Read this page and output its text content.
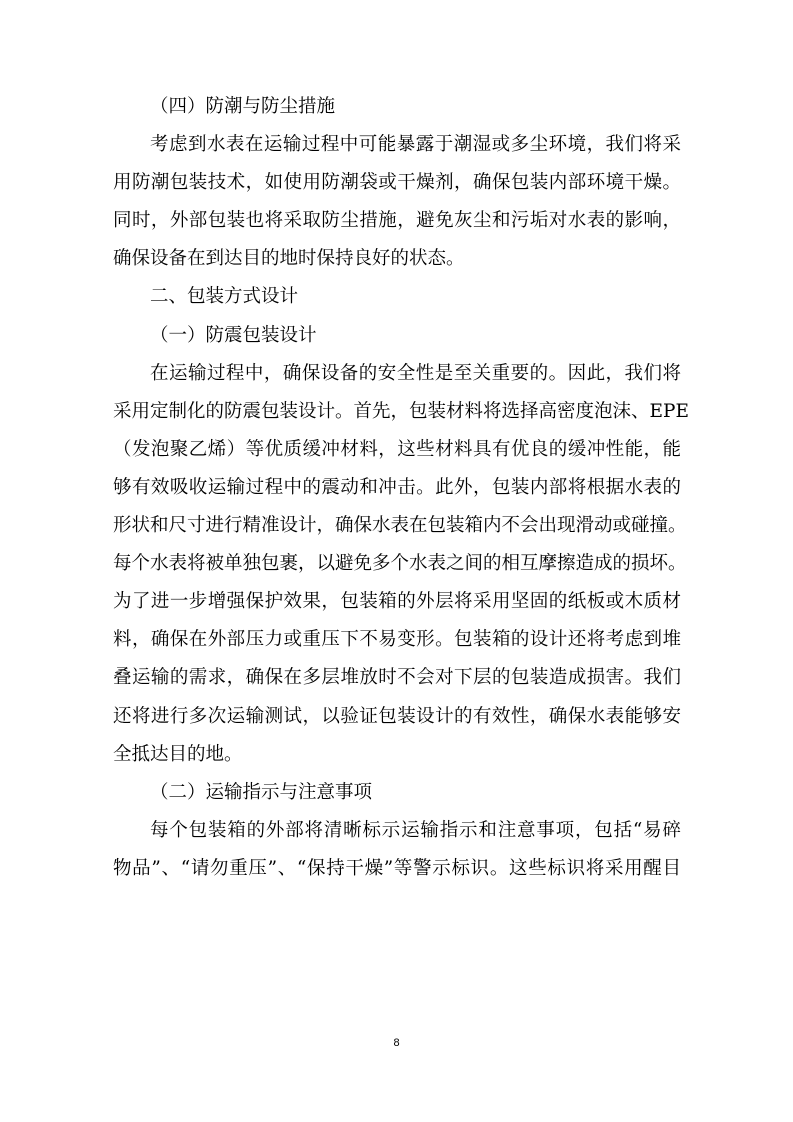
（四）防潮与防尘措施
考虑到水表在运输过程中可能暴露于潮湿或多尘环境，我们将采
用防潮包装技术，如使用防潮袋或干燥剂，确保包装内部环境干燥。
同时，外部包装也将采取防尘措施，避免灰尘和污垢对水表的影响，
确保设备在到达目的地时保持良好的状态。
二、包装方式设计
（一）防震包装设计
在运输过程中，确保设备的安全性是至关重要的。因此，我们将
采用定制化的防震包装设计。首先，包装材料将选择高密度泡沫、EPE
（发泡聚乙烯）等优质缓冲材料，这些材料具有优良的缓冲性能，能
够有效吸收运输过程中的震动和冲击。此外，包装内部将根据水表的
形状和尺寸进行精准设计，确保水表在包装箱内不会出现滑动或碰撞。
每个水表将被单独包裹，以避免多个水表之间的相互摩擦造成的损坏。
为了进一步增强保护效果，包装箱的外层将采用坚固的纸板或木质材
料，确保在外部压力或重压下不易变形。包装箱的设计还将考虑到堆
叠运输的需求，确保在多层堆放时不会对下层的包装造成损害。我们
还将进行多次运输测试，以验证包装设计的有效性，确保水表能够安
全抵达目的地。
（二）运输指示与注意事项
每个包装箱的外部将清晰标示运输指示和注意事项，包括“易碎
物品”、“请勿重压”、“保持干燥”等警示标识。这些标识将采用醒目
8
